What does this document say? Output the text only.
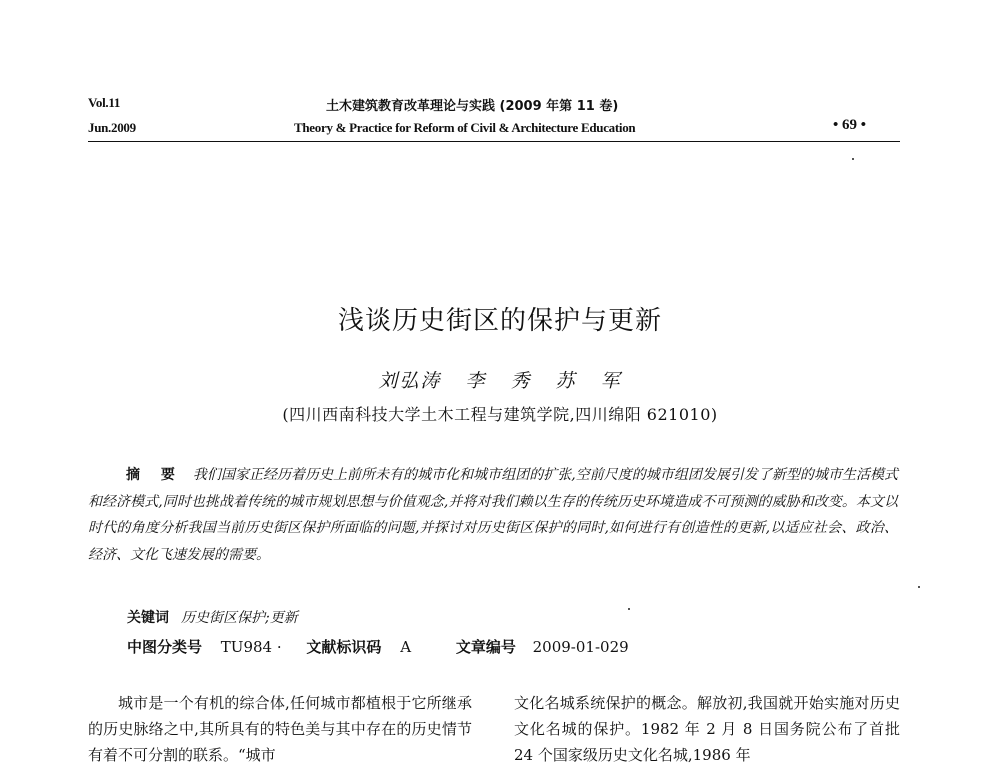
Vol.11
Jun.2009
土木建筑教育改革理论与实践 (2009 年第 11 卷)
Theory & Practice for Reform of Civil & Architecture Education	• 69 •
浅谈历史街区的保护与更新
刘弘涛 李 秀 苏 军
(四川西南科技大学土木工程与建筑学院,四川绵阳 621010)
摘 要 我们国家正经历着历史上前所未有的城市化和城市组团的扩张,空前尺度的城市组团发展引发了新型的城市生活模式和经济模式,同时也挑战着传统的城市规划思想与价值观念,并将对我们赖以生存的传统历史环境造成不可预测的威胁和改变。本文以时代的角度分析我国当前历史街区保护所面临的问题,并探讨对历史街区保护的同时,如何进行有创造性的更新,以适应社会、政治、经济、文化飞速发展的需要。
关键词 历史街区保护;更新
中图分类号 TU984 · 文献标识码 A	文章编号 2009-01-029
城市是一个有机的综合体,任何城市都植根于它所继承的历史脉络之中,其所具有的特色美与其中存在的历史情节有着不可分割的联系。“城市
文化名城系统保护的概念。解放初,我国就开始实施对历史文化名城的保护。1982 年 2 月 8 日国务院公布了首批 24 个国家级历史文化名城,1986 年
